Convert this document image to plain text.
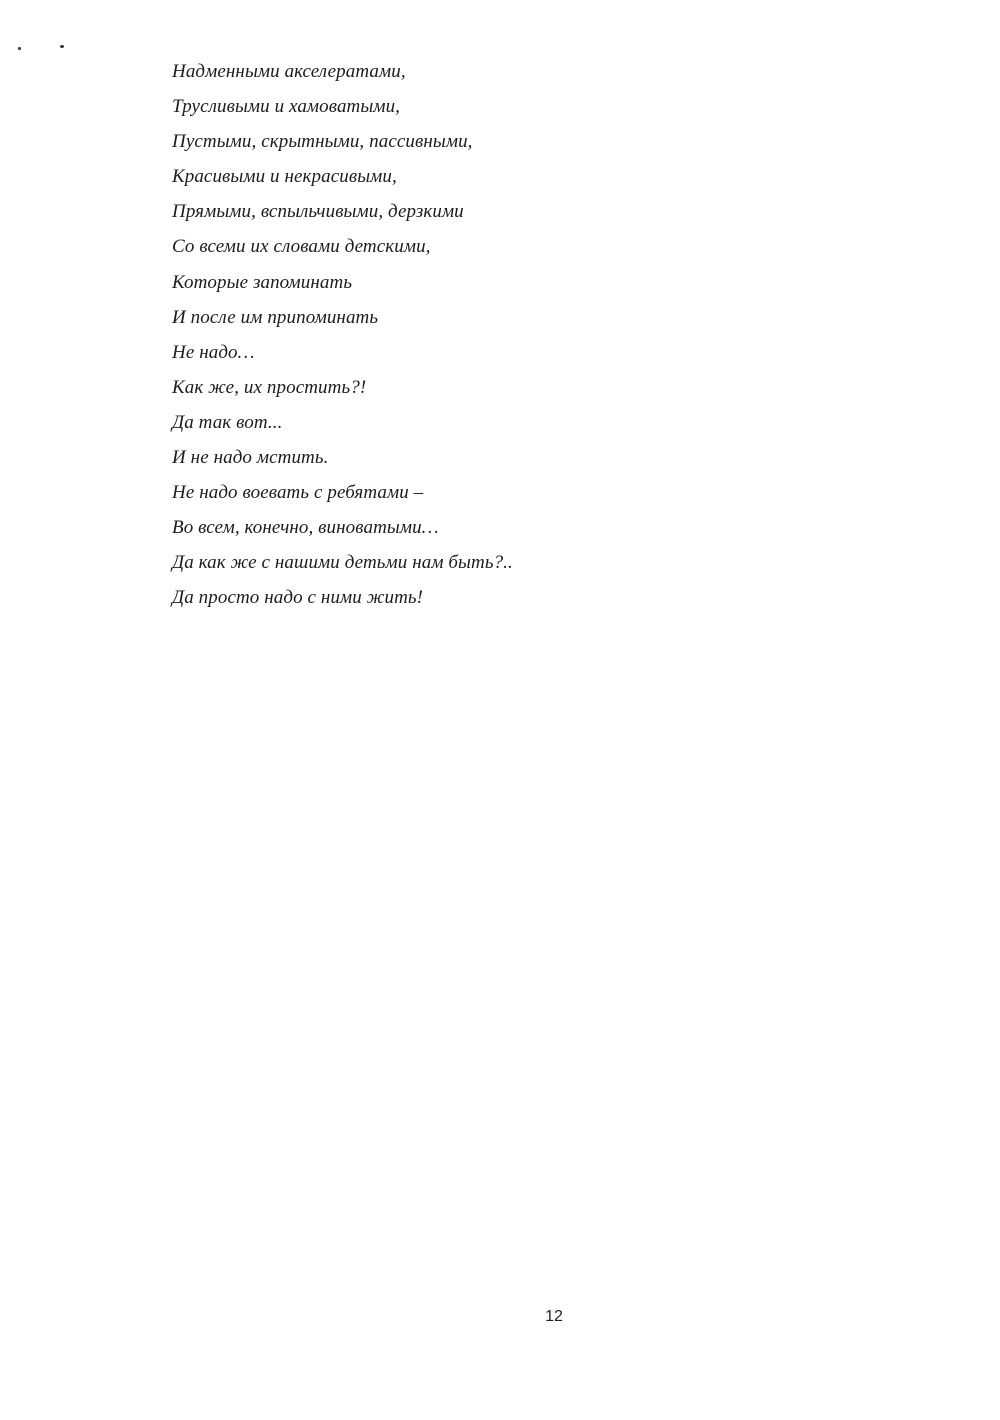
Надменными акселератами,
Трусливыми и хамоватыми,
Пустыми, скрытными, пассивными,
Красивыми и некрасивыми,
Прямыми, вспыльчивыми, дерзкими
Со всеми их словами детскими,
Которые запоминать
И после им припоминать
Не надо…
Как же, их простить?!
Да так вот...
И не надо мстить.
Не надо воевать с ребятами –
Во всем, конечно, виноватыми…
Да как же с нашими детьми нам быть?..
Да просто надо с ними жить!
12
